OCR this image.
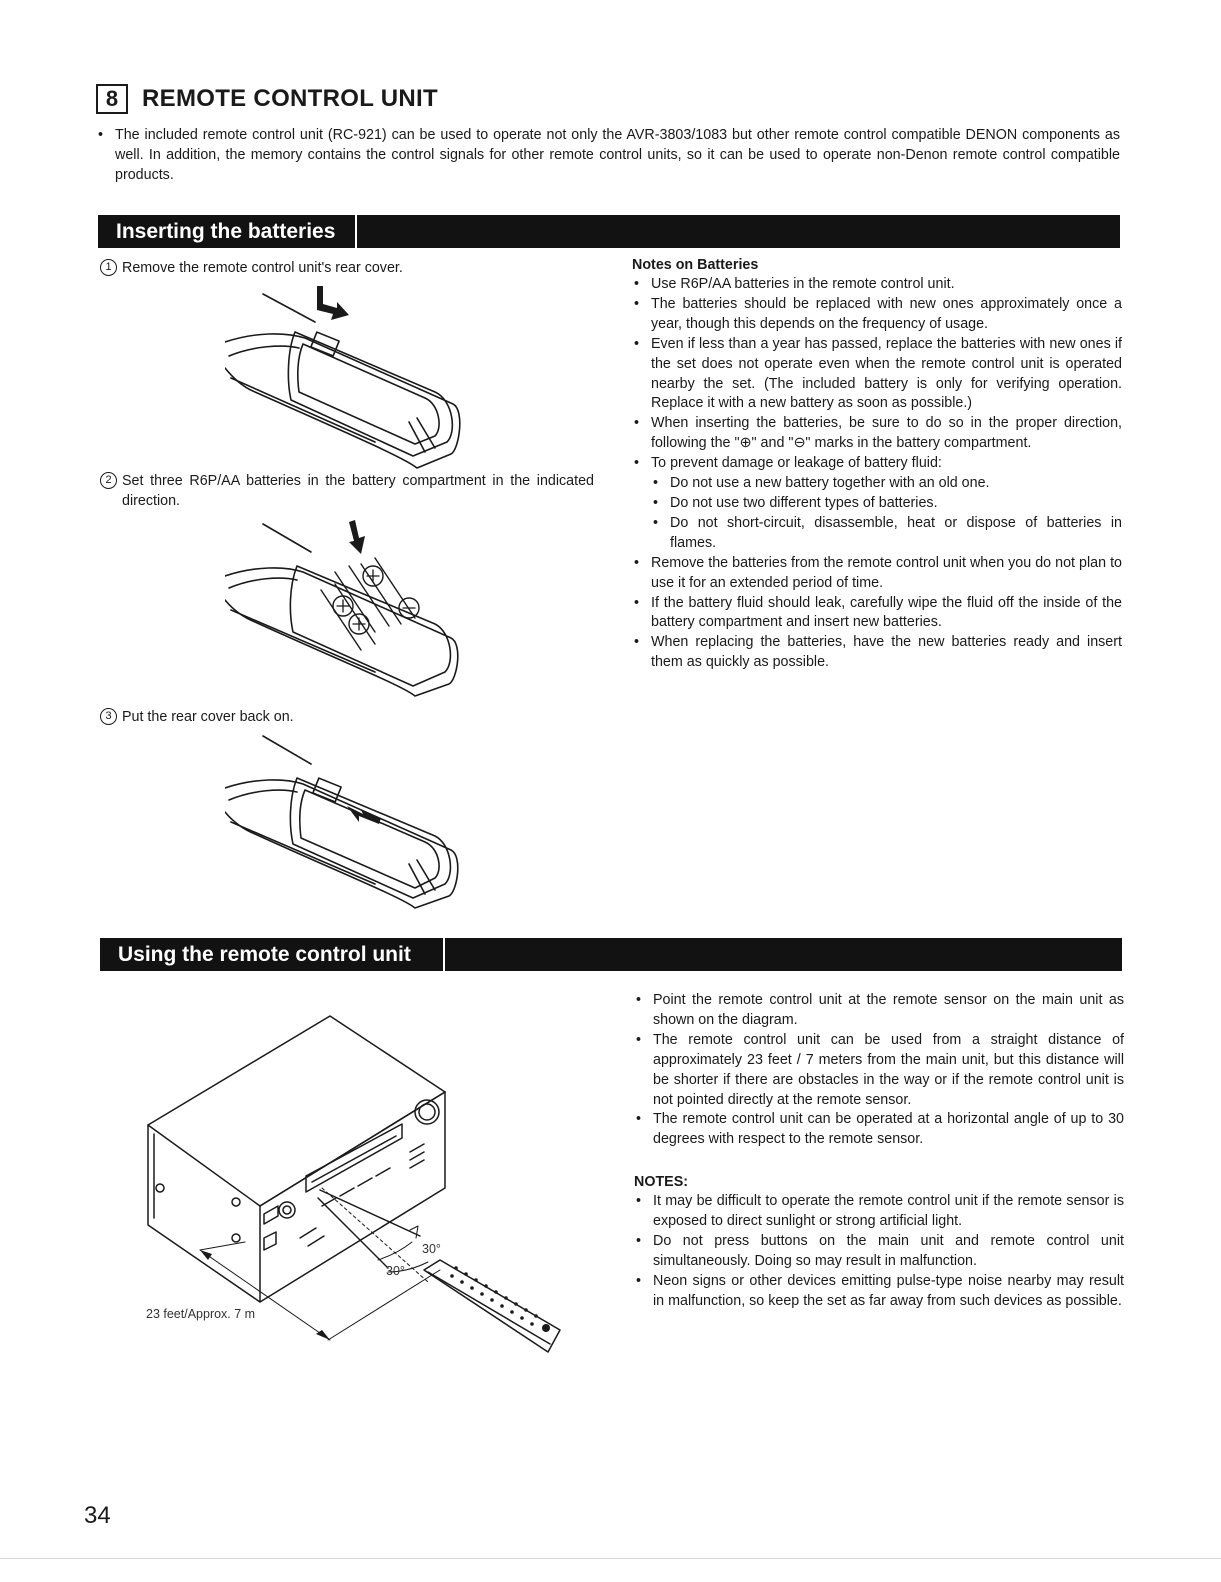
8 REMOTE CONTROL UNIT
• The included remote control unit (RC-921) can be used to operate not only the AVR-3803/1083 but other remote control compatible DENON components as well. In addition, the memory contains the control signals for other remote control units, so it can be used to operate non-Denon remote control compatible products.
Inserting the batteries
1 Remove the remote control unit's rear cover.
2 Set three R6P/AA batteries in the battery compartment in the indicated direction.
3 Put the rear cover back on.
Notes on Batteries
• Use R6P/AA batteries in the remote control unit.
• The batteries should be replaced with new ones approximately once a year, though this depends on the frequency of usage.
• Even if less than a year has passed, replace the batteries with new ones if the set does not operate even when the remote control unit is operated nearby the set. (The included battery is only for verifying operation. Replace it with a new battery as soon as possible.)
• When inserting the batteries, be sure to do so in the proper direction, following the "⊕" and "⊖" marks in the battery compartment.
• To prevent damage or leakage of battery fluid:
• Do not use a new battery together with an old one.
• Do not use two different types of batteries.
• Do not short-circuit, disassemble, heat or dispose of batteries in flames.
• Remove the batteries from the remote control unit when you do not plan to use it for an extended period of time.
• If the battery fluid should leak, carefully wipe the fluid off the inside of the battery compartment and insert new batteries.
• When replacing the batteries, have the new batteries ready and insert them as quickly as possible.
Using the remote control unit
30°
30°
23 feet/Approx. 7 m
• Point the remote control unit at the remote sensor on the main unit as shown on the diagram.
• The remote control unit can be used from a straight distance of approximately 23 feet / 7 meters from the main unit, but this distance will be shorter if there are obstacles in the way or if the remote control unit is not pointed directly at the remote sensor.
• The remote control unit can be operated at a horizontal angle of up to 30 degrees with respect to the remote sensor.
NOTES:
• It may be difficult to operate the remote control unit if the remote sensor is exposed to direct sunlight or strong artificial light.
• Do not press buttons on the main unit and remote control unit simultaneously. Doing so may result in malfunction.
• Neon signs or other devices emitting pulse-type noise nearby may result in malfunction, so keep the set as far away from such devices as possible.
34
